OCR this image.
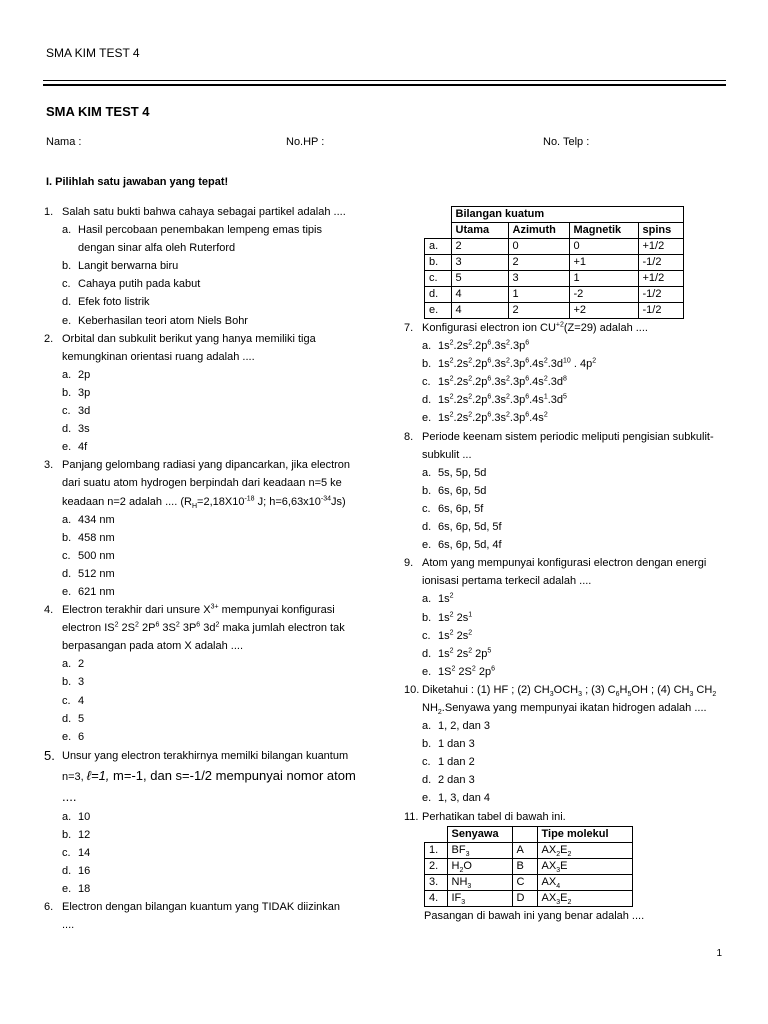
SMA KIM TEST 4
SMA KIM TEST 4
Nama :	No.HP :	No. Telp :
I. Pilihlah satu jawaban yang tepat!
1. Salah satu bukti bahwa cahaya sebagai partikel adalah ....
a. Hasil percobaan penembakan lempeng emas tipis dengan sinar alfa oleh Ruterford
b. Langit berwarna biru
c. Cahaya putih pada kabut
d. Efek foto listrik
e. Keberhasilan teori atom Niels Bohr
2. Orbital dan subkulit berikut yang hanya memiliki tiga kemungkinan orientasi ruang adalah ....
a. 2p
b. 3p
c. 3d
d. 3s
e. 4f
3. Panjang gelombang radiasi yang dipancarkan, jika electron dari suatu atom hydrogen berpindah dari keadaan n=5 ke keadaan n=2 adalah .... ($R_H=2,18X10^{-18}$ J; $h=6,63x10^{-34}Js$)
a. 434 nm
b. 458 nm
c. 500 nm
d. 512 nm
e. 621 nm
4. Electron terakhir dari unsure $X^{3+}$ mempunyai konfigurasi electron $IS^2$ $2S^2$ $2P^6$ $3S^2$ $3P^6$ $3d^2$ maka jumlah electron tak berpasangan pada atom X adalah ....
a. 2
b. 3
c. 4
d. 5
e. 6
5. Unsur yang electron terakhirnya memilki bilangan kuantum n=3, ℓ=1, m=-1, dan s=-1/2 mempunyai nomor atom ....
a. 10
b. 12
c. 14
d. 16
e. 18
6. Electron dengan bilangan kuantum yang TIDAK diizinkan
....
	Bilangan kuatum			
	Utama	Azimuth	Magnetik	spins
a.	2	0	0	+1/2
b.	3	2	+1	-1/2
c.	5	3	1	+1/2
d.	4	1	-2	-1/2
e.	4	2	+2	-1/2
7. Konfigurasi electron ion $CU^{+2}(Z=29)$ adalah ....
a. $1s^2.2s^2.2p^6.3s^2.3p^6$
b. $1s^2.2s^2.2p^6.3s^2.3p^6.4s^2.3d^{10}$ . $4p^2$
c. $1s^2.2s^2.2p^6.3s^2.3p^6.4s^2.3d^8$
d. $1s^2.2s^2.2p^6.3s^2.3p^6.4s^1.3d^5$
e. $1s^2.2s^2.2p^6.3s^2.3p^6.4s^2$
8. Periode keenam sistem periodic meliputi pengisian subkulit-subkulit ...
a. 5s, 5p, 5d
b. 6s, 6p, 5d
c. 6s, 6p, 5f
d. 6s, 6p, 5d, 5f
e. 6s, 6p, 5d, 4f
9. Atom yang mempunyai konfigurasi electron dengan energi ionisasi pertama terkecil adalah ....
a. $1s^2$
b. $1s^2$ $2s^1$
c. $1s^2$ $2s^2$
d. $1s^2$ $2s^2$ $2p^5$
e. $1S^2$ $2S^2$ $2p^6$
10. Diketahui : (1) HF ; (2) $CH_3OCH_3$ ; (3) $C_6H_5OH$ ; (4) $CH_3$ $CH_2$ $NH_2.Senyawa$ yang mempunyai ikatan hidrogen adalah ....
a. 1, 2, dan 3
b. 1 dan 3
c. 1 dan 2
d. 2 dan 3
e. 1, 3, dan 4
11. Perhatikan tabel di bawah ini.
	Senyawa		Tipe molekul
1.	$BF_3$	A	$AX_2E_2$
2.	$H_2O$	B	$AX_3E$
3.	$NH_3$	C	$AX_4$
4.	$IF_3$	D	$AX_3E_2$
Pasangan di bawah ini yang benar adalah ....
1
